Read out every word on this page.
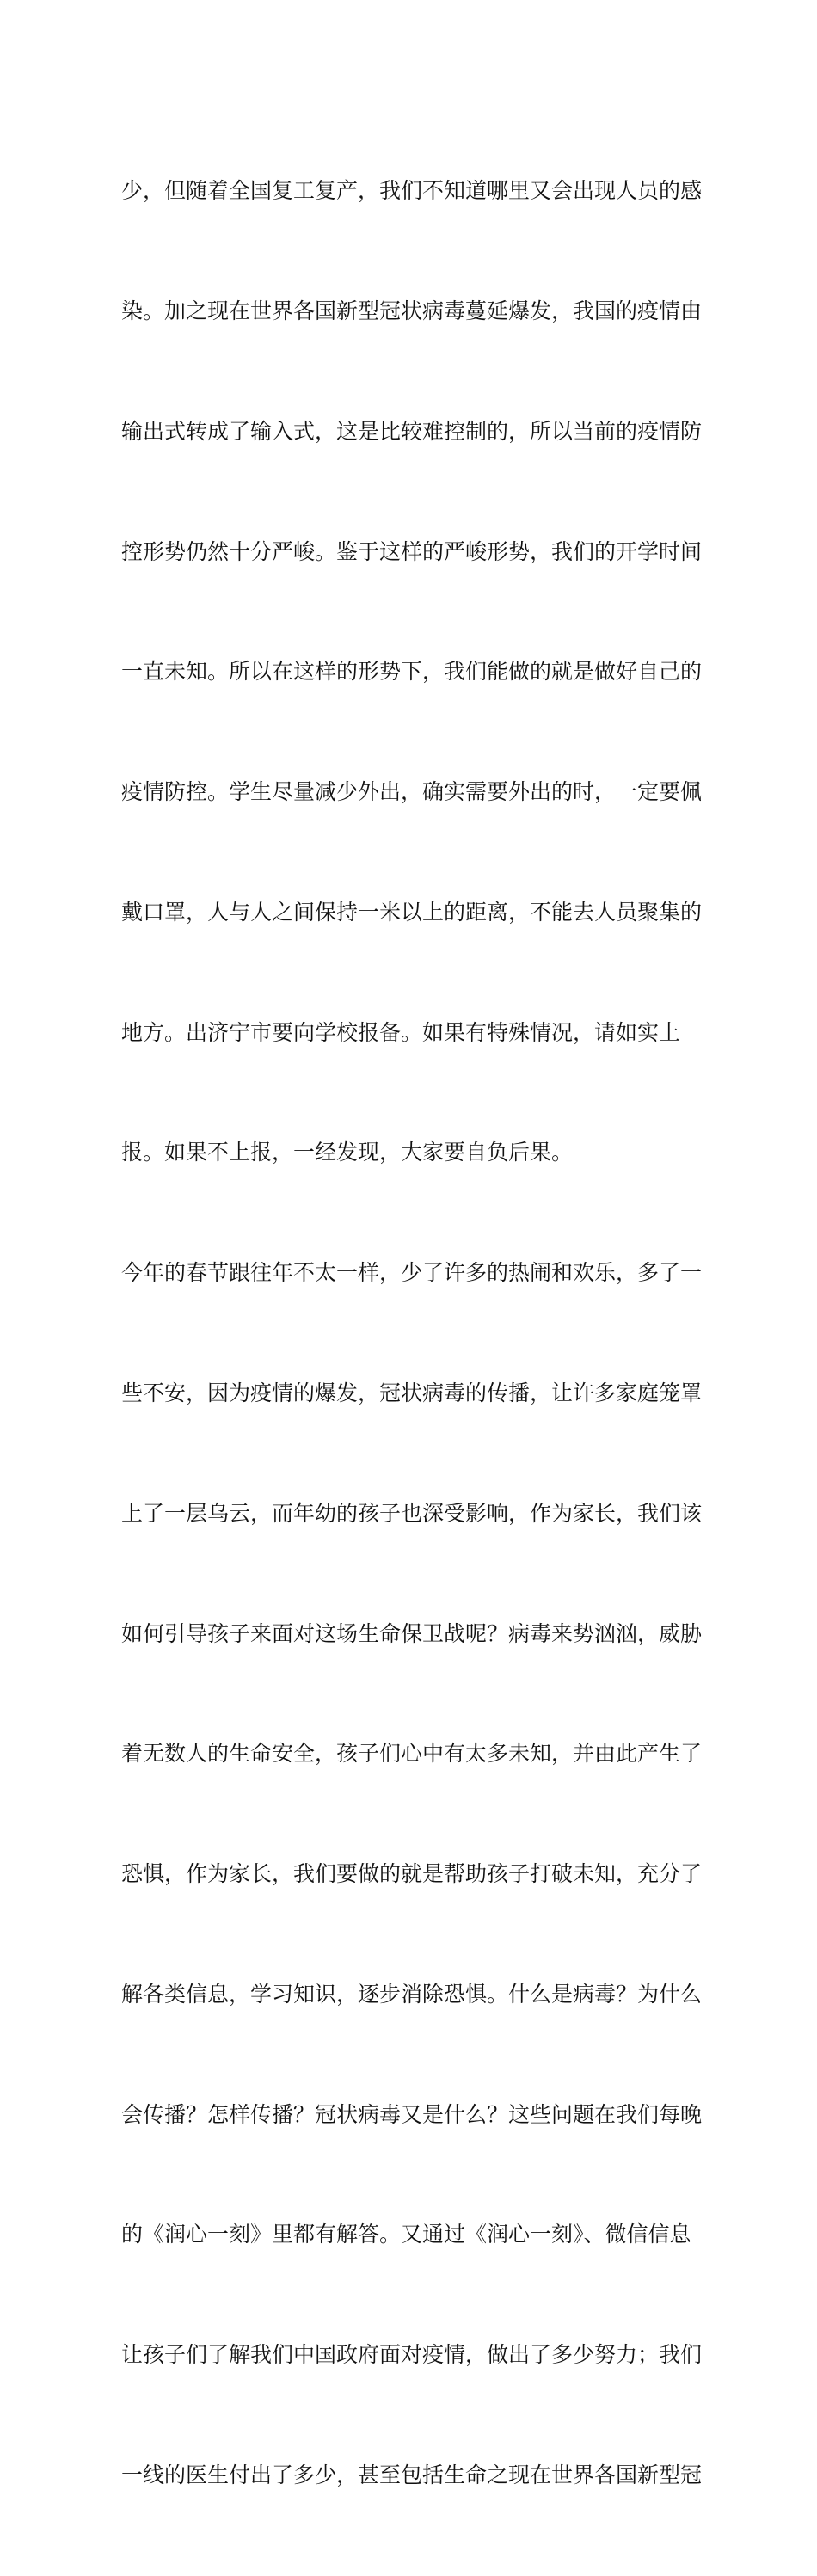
少，但随着全国复工复产，我们不知道哪里又会出现人员的感

染。加之现在世界各国新型冠状病毒蔓延爆发，我国的疫情由

输出式转成了输入式，这是比较难控制的，所以当前的疫情防

控形势仍然十分严峻。鉴于这样的严峻形势，我们的开学时间

一直未知。所以在这样的形势下，我们能做的就是做好自己的

疫情防控。学生尽量减少外出，确实需要外出的时，一定要佩

戴口罩，人与人之间保持一米以上的距离，不能去人员聚集的

地方。出济宁市要向学校报备。如果有特殊情况，请如实上

报。如果不上报，一经发现，大家要自负后果。

今年的春节跟往年不太一样，少了许多的热闹和欢乐，多了一

些不安，因为疫情的爆发，冠状病毒的传播，让许多家庭笼罩

上了一层乌云，而年幼的孩子也深受影响，作为家长，我们该

如何引导孩子来面对这场生命保卫战呢？病毒来势汹汹，威胁

着无数人的生命安全，孩子们心中有太多未知，并由此产生了

恐惧，作为家长，我们要做的就是帮助孩子打破未知，充分了

解各类信息，学习知识，逐步消除恐惧。什么是病毒？为什么

会传播？怎样传播？冠状病毒又是什么？这些问题在我们每晚

的《润心一刻》里都有解答。又通过《润心一刻》、微信信息

让孩子们了解我们中国政府面对疫情，做出了多少努力；我们

一线的医生付出了多少，甚至包括生命之现在世界各国新型冠
